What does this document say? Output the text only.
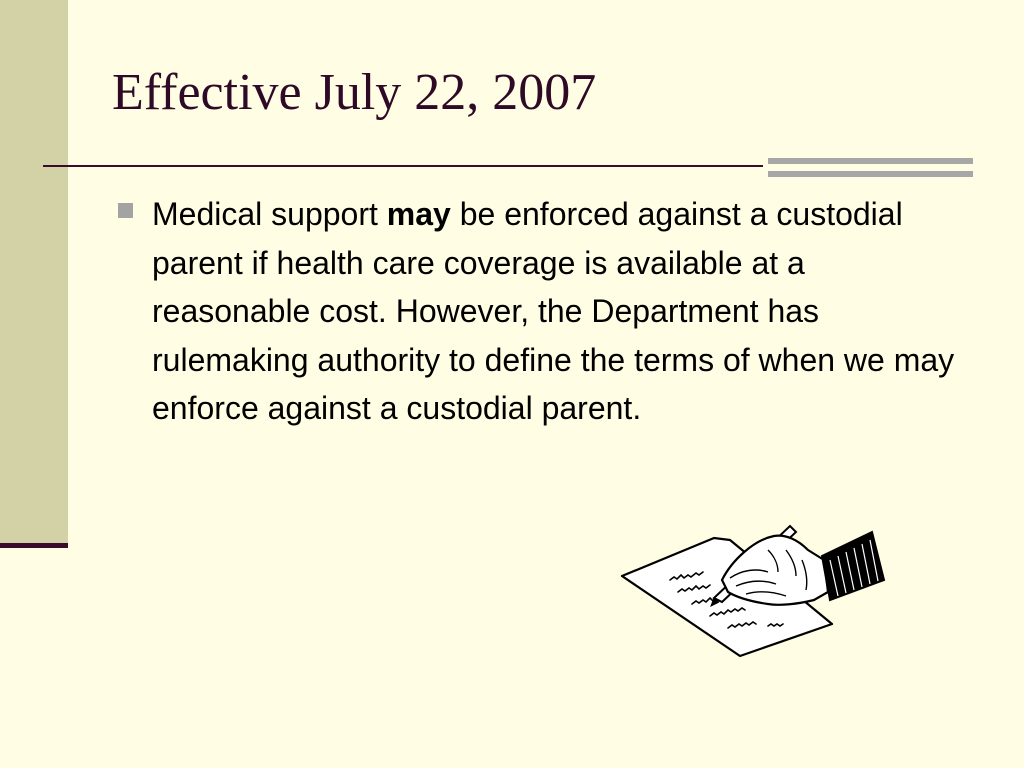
Effective July 22, 2007

Medical support may be enforced against a custodial parent if health care coverage is available at a reasonable cost. However, the Department has rulemaking authority to define the terms of when we may enforce against a custodial parent.
